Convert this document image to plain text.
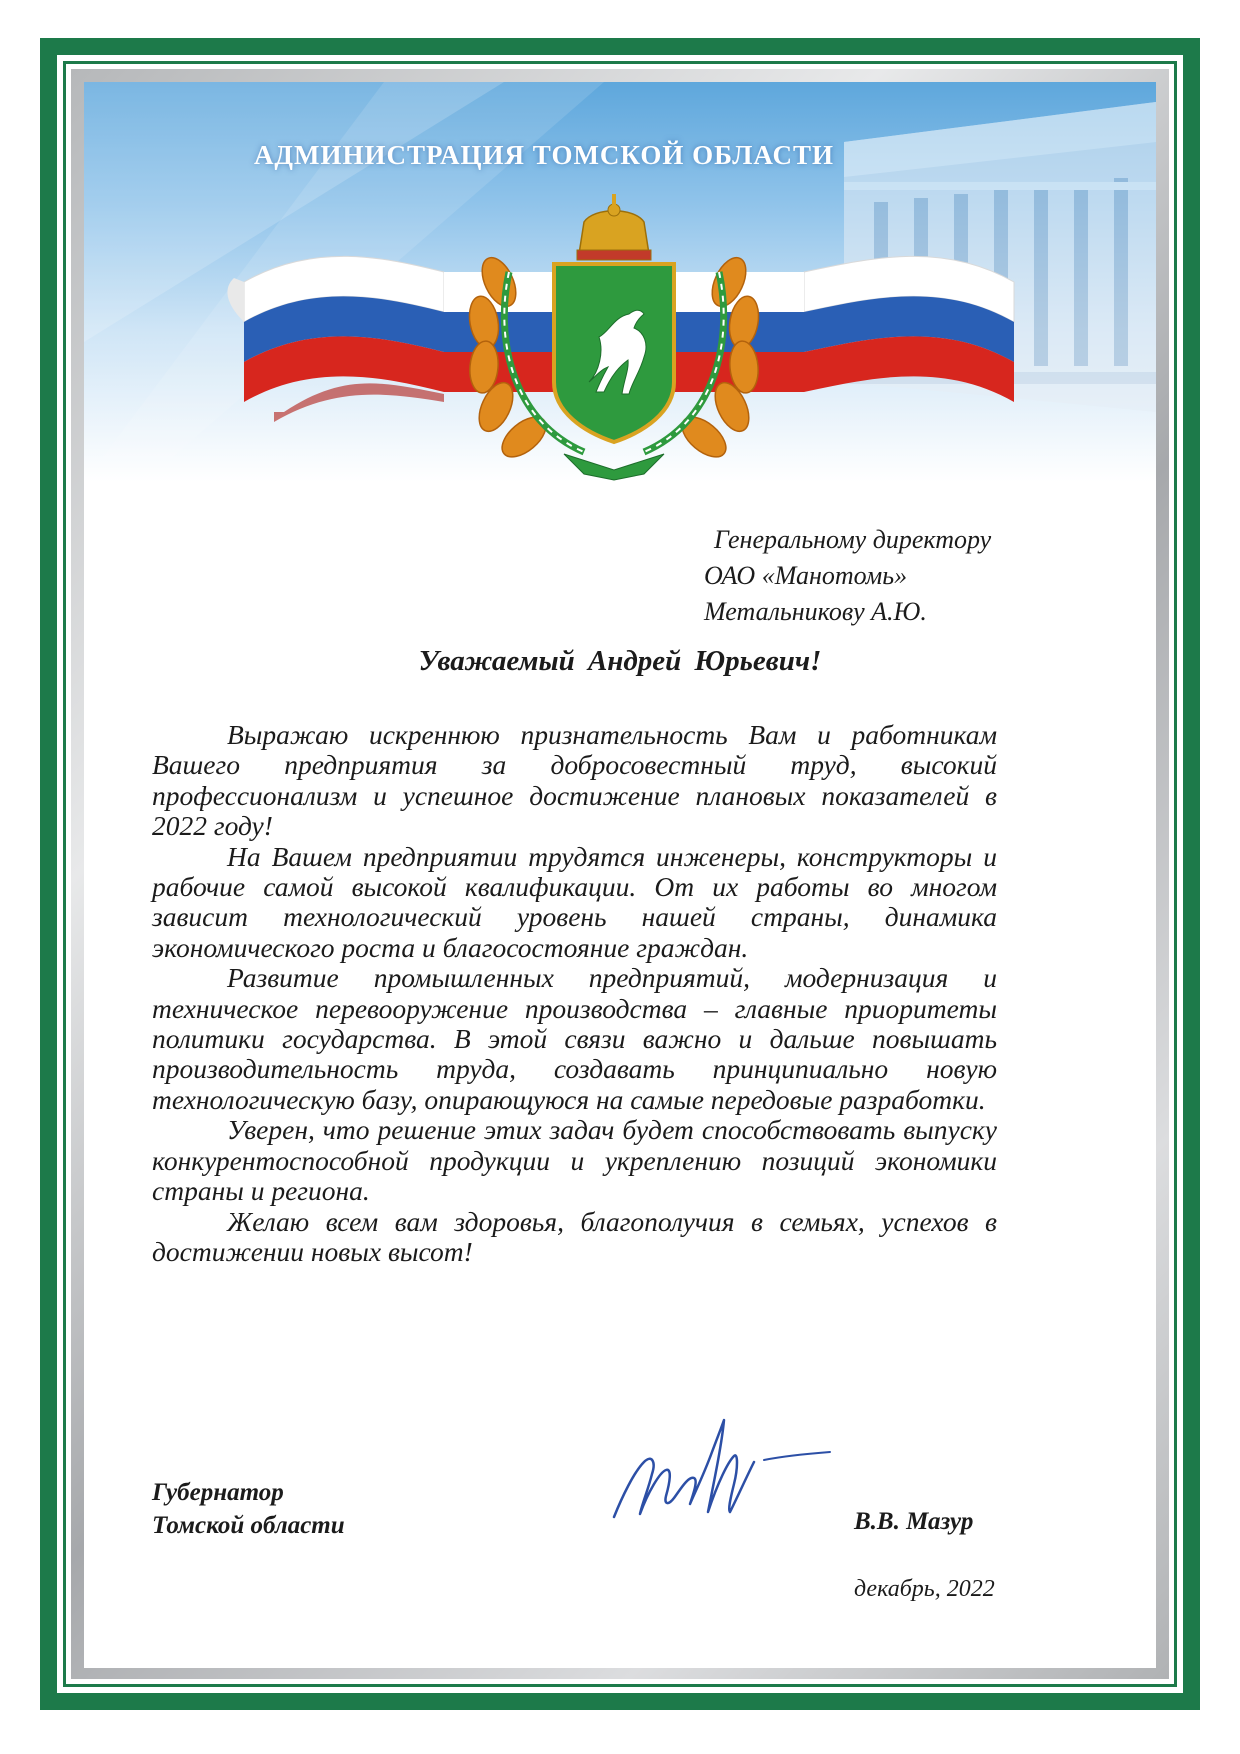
АДМИНИСТРАЦИЯ ТОМСКОЙ ОБЛАСТИ
Генеральному директору
ОАО «Манотомь»
Метальникову А.Ю.
Уважаемый Андрей Юрьевич!

Выражаю искреннюю признательность Вам и работникам Вашего предприятия за добросовестный труд, высокий профессионализм и успешное достижение плановых показателей в 2022 году!

На Вашем предприятии трудятся инженеры, конструкторы и рабочие самой высокой квалификации. От их работы во многом зависит технологический уровень нашей страны, динамика экономического роста и благосостояние граждан.

Развитие промышленных предприятий, модернизация и техническое перевооружение производства – главные приоритеты политики государства. В этой связи важно и дальше повышать производительность труда, создавать принципиально новую технологическую базу, опирающуюся на самые передовые разработки.

Уверен, что решение этих задач будет способствовать выпуску конкурентоспособной продукции и укреплению позиций экономики страны и региона.

Желаю всем вам здоровья, благополучия в семьях, успехов в достижении новых высот!

Губернатор
Томской области	В.В. Мазур
декабрь, 2022
